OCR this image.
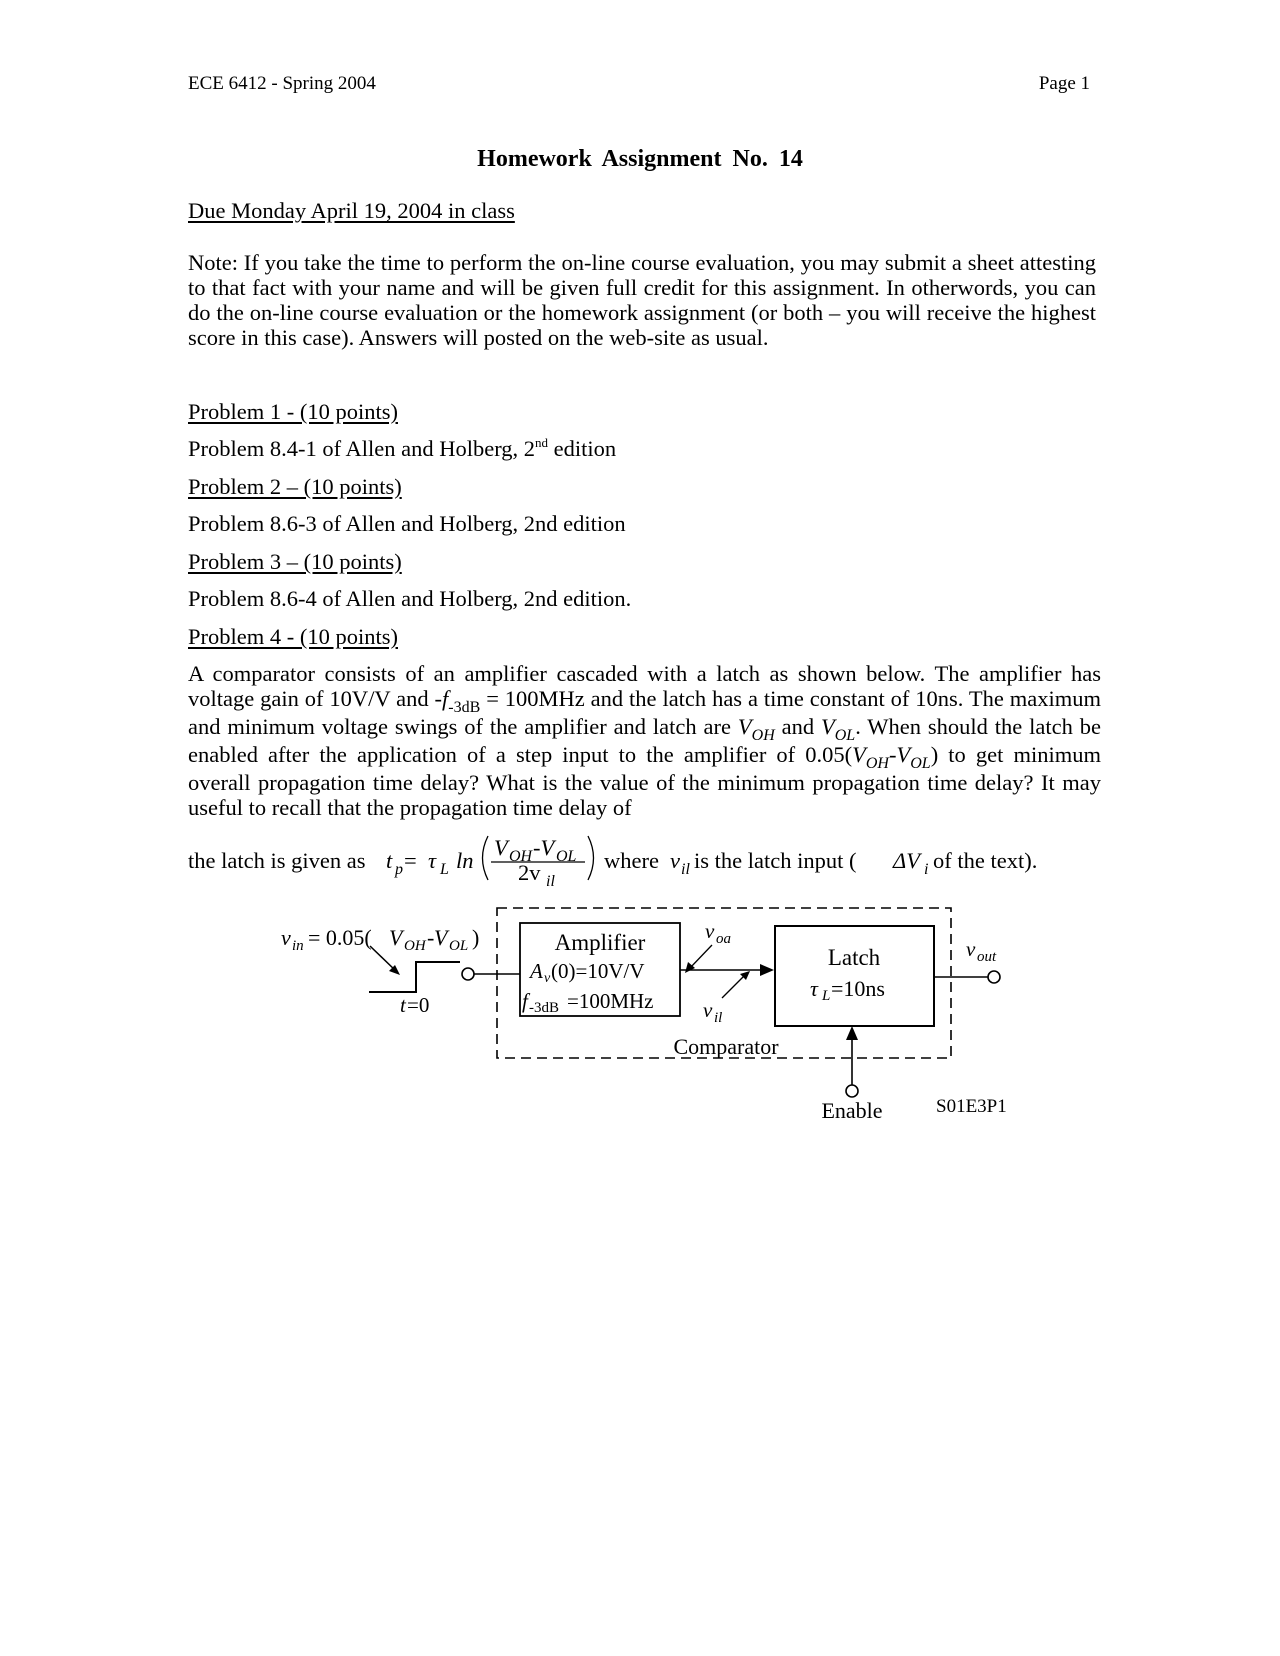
ECE 6412 - Spring 2004	Page 1
Homework Assignment No. 14
Due Monday April 19, 2004 in class
Note: If you take the time to perform the on-line course evaluation, you may submit a sheet attesting to that fact with your name and will be given full credit for this assignment. In otherwords, you can do the on-line course evaluation or the homework assignment (or both – you will receive the highest score in this case). Answers will posted on the web-site as usual.
Problem 1 - (10 points)
Problem 8.4-1 of Allen and Holberg, 2nd edition
Problem 2 – (10 points)
Problem 8.6-3 of Allen and Holberg, 2nd edition
Problem 3 – (10 points)
Problem 8.6-4 of Allen and Holberg, 2nd edition.
Problem 4 - (10 points)
A comparator consists of an amplifier cascaded with a latch as shown below. The amplifier has voltage gain of 10V/V and $-f_{-3dB} = 100MHz$ and the latch has a time constant of 10ns. The maximum and minimum voltage swings of the amplifier and latch are $V_{OH}$ and $V_{OL}$. When should the latch be enabled after the application of a step input to the amplifier of $0.05(V_{OH}-V_{OL})$ to get minimum overall propagation time delay? What is the value of the minimum propagation time delay? It may useful to recall that the propagation time delay of
the latch is given as t p = τ L ln
V OH -V OL
2v il
where v il is the latch input ( ΔV i of the text).
v in = 0.05( V OH - V OL )
t =0
Amplifier
A v (0)=10V/V
f -3dB =100MHz
v oa
v il
Latch
τ L =10ns
v out
Comparator
Enable	S01E3P1
